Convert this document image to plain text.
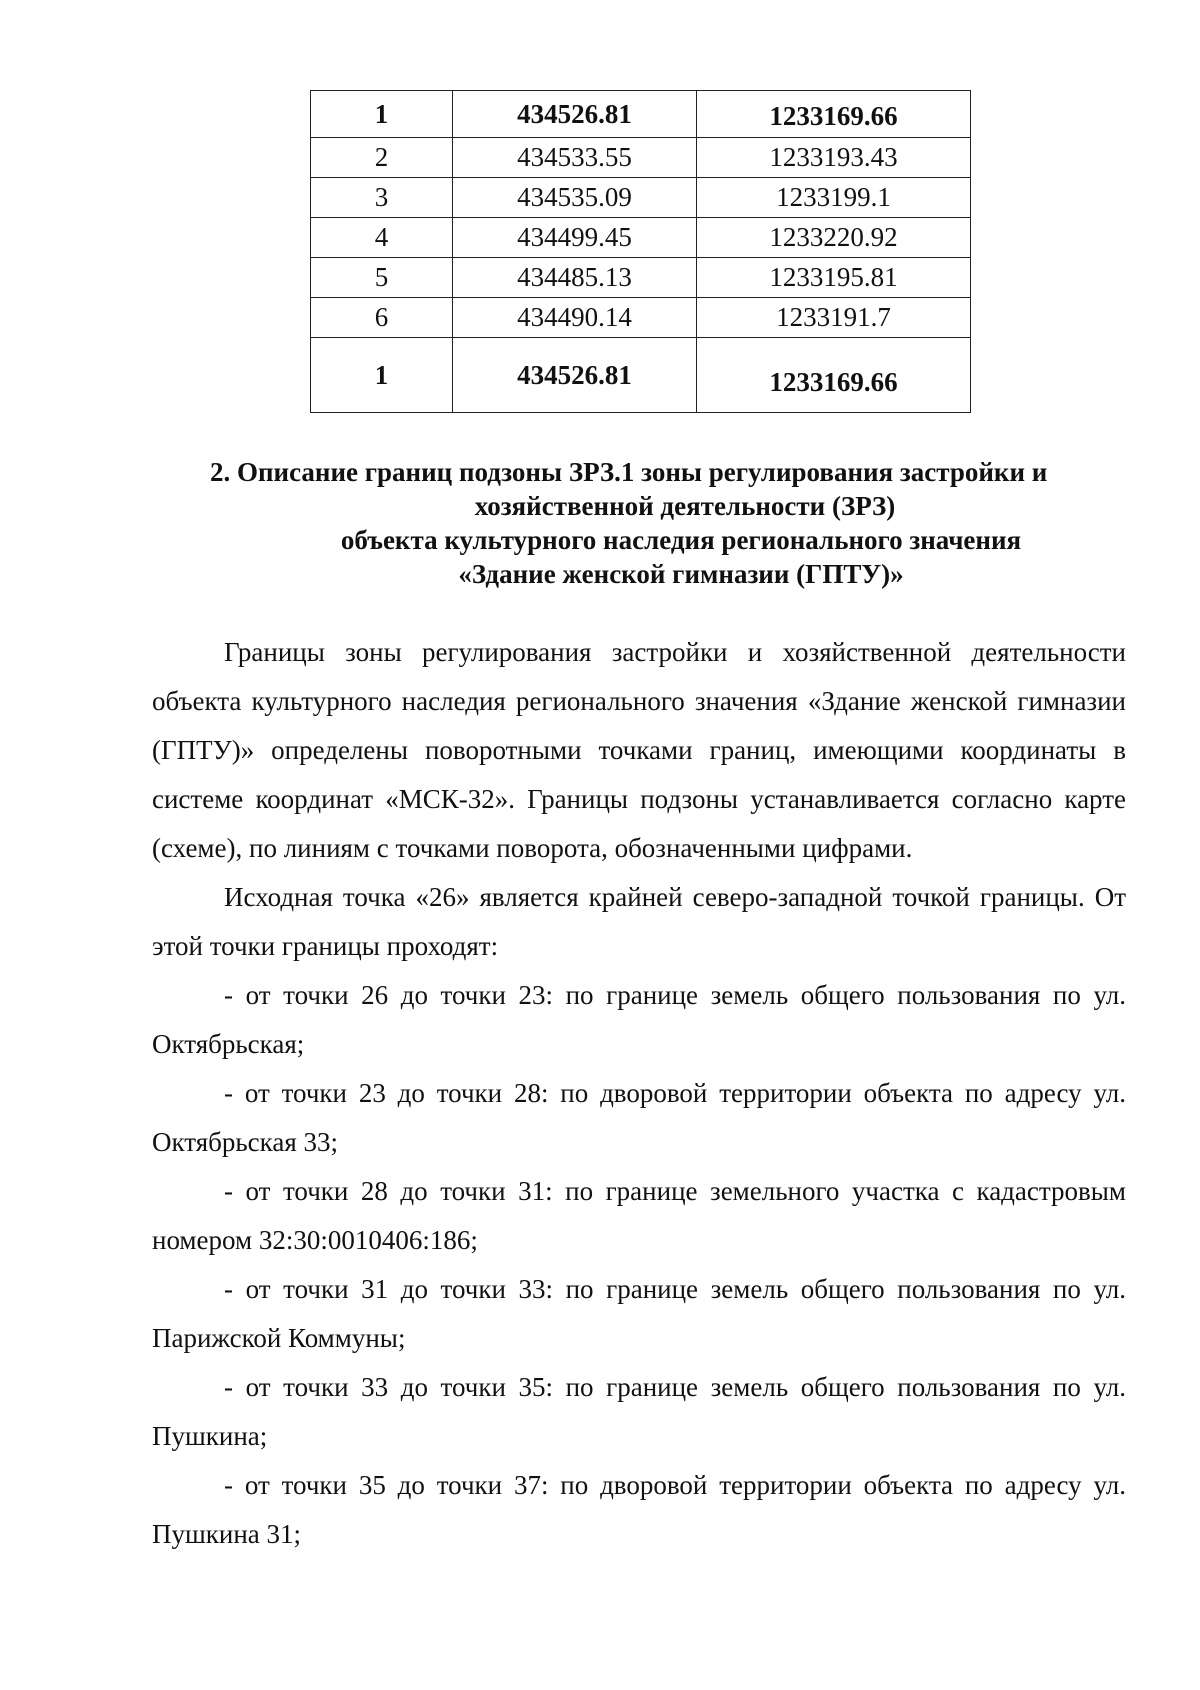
1	434526.81	1233169.66
2	434533.55	1233193.43
3	434535.09	1233199.1
4	434499.45	1233220.92
5	434485.13	1233195.81
6	434490.14	1233191.7
1	434526.81	1233169.66
2. Описание границ подзоны ЗРЗ.1 зоны регулирования застройки и
хозяйственной деятельности (ЗРЗ)
объекта культурного наследия регионального значения
«Здание женской гимназии (ГПТУ)»

Границы зоны регулирования застройки и хозяйственной деятельности объекта культурного наследия регионального значения «Здание женской гимназии (ГПТУ)» определены поворотными точками границ, имеющими координаты в системе координат «МСК-32». Границы подзоны устанавливается согласно карте (схеме), по линиям с точками поворота, обозначенными цифрами.

Исходная точка «26» является крайней северо-западной точкой границы. От этой точки границы проходят:

- от точки 26 до точки 23: по границе земель общего пользования по ул. Октябрьская;

- от точки 23 до точки 28: по дворовой территории объекта по адресу ул. Октябрьская 33;

- от точки 28 до точки 31: по границе земельного участка с кадастровым номером 32:30:0010406:186;

- от точки 31 до точки 33: по границе земель общего пользования по ул. Парижской Коммуны;

- от точки 33 до точки 35: по границе земель общего пользования по ул. Пушкина;

- от точки 35 до точки 37: по дворовой территории объекта по адресу ул. Пушкина 31;
